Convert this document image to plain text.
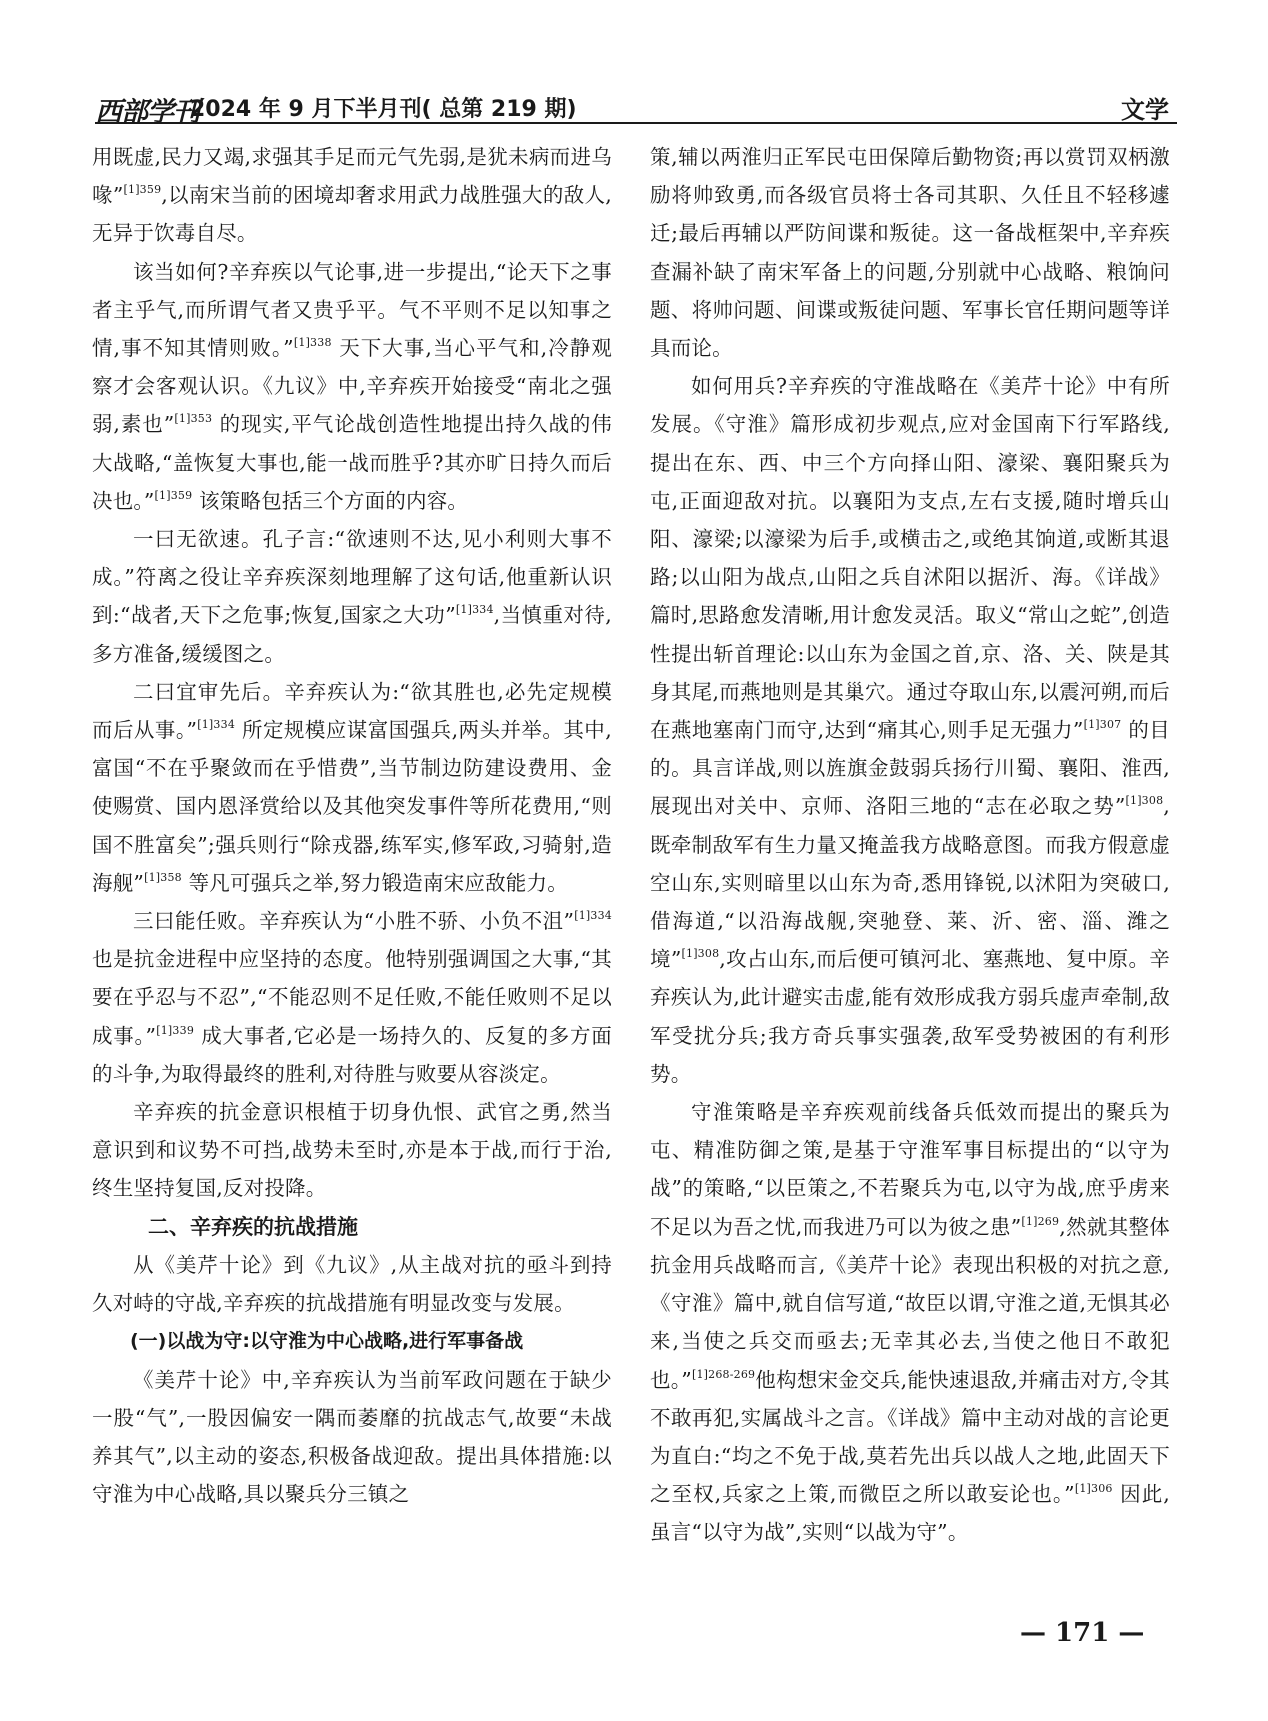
西部学刊
2024 年 9 月下半月刊( 总第 219 期)	文学

用既虚,民力又竭,求强其手足而元气先弱,是犹未病而进乌喙”$^{[1]359}$,以南宋当前的困境却奢求用武力战胜强大的敌人,无异于饮毒自尽。

该当如何?辛弃疾以气论事,进一步提出,“论天下之事者主乎气,而所谓气者又贵乎平。气不平则不足以知事之情,事不知其情则败。”$^{[1]338}$ 天下大事,当心平气和,冷静观察才会客观认识。《九议》中,辛弃疾开始接受“南北之强弱,素也”$^{[1]353}$ 的现实,平气论战创造性地提出持久战的伟大战略,“盖恢复大事也,能一战而胜乎?其亦旷日持久而后决也。”$^{[1]359}$ 该策略包括三个方面的内容。

一曰无欲速。孔子言:“欲速则不达,见小利则大事不成。”符离之役让辛弃疾深刻地理解了这句话,他重新认识到:“战者,天下之危事;恢复,国家之大功”$^{[1]334}$,当慎重对待,多方准备,缓缓图之。

二曰宜审先后。辛弃疾认为:“欲其胜也,必先定规模而后从事。”$^{[1]334}$ 所定规模应谋富国强兵,两头并举。其中,富国“不在乎聚敛而在乎惜费”,当节制边防建设费用、金使赐赏、国内恩泽赏给以及其他突发事件等所花费用,“则国不胜富矣”;强兵则行“除戎器,练军实,修军政,习骑射,造海舰”$^{[1]358}$ 等凡可强兵之举,努力锻造南宋应敌能力。

三曰能任败。辛弃疾认为“小胜不骄、小负不沮”$^{[1]334}$ 也是抗金进程中应坚持的态度。他特别强调国之大事,“其要在乎忍与不忍”,“不能忍则不足任败,不能任败则不足以成事。”$^{[1]339}$ 成大事者,它必是一场持久的、反复的多方面的斗争,为取得最终的胜利,对待胜与败要从容淡定。

辛弃疾的抗金意识根植于切身仇恨、武官之勇,然当意识到和议势不可挡,战势未至时,亦是本于战,而行于治,终生坚持复国,反对投降。

二、辛弃疾的抗战措施

从《美芹十论》到《九议》,从主战对抗的亟斗到持久对峙的守战,辛弃疾的抗战措施有明显改变与发展。

(一)以战为守:以守淮为中心战略,进行军事备战

《美芹十论》中,辛弃疾认为当前军政问题在于缺少一股“气”,一股因偏安一隅而萎靡的抗战志气,故要“未战养其气”,以主动的姿态,积极备战迎敌。提出具体措施:以守淮为中心战略,具以聚兵分三镇之

策,辅以两淮归正军民屯田保障后勤物资;再以赏罚双柄激励将帅致勇,而各级官员将士各司其职、久任且不轻移遽迁;最后再辅以严防间谍和叛徒。这一备战框架中,辛弃疾查漏补缺了南宋军备上的问题,分别就中心战略、粮饷问题、将帅问题、间谍或叛徒问题、军事长官任期问题等详具而论。

如何用兵?辛弃疾的守淮战略在《美芹十论》中有所发展。《守淮》篇形成初步观点,应对金国南下行军路线,提出在东、西、中三个方向择山阳、濠梁、襄阳聚兵为屯,正面迎敌对抗。以襄阳为支点,左右支援,随时增兵山阳、濠梁;以濠梁为后手,或横击之,或绝其饷道,或断其退路;以山阳为战点,山阳之兵自沭阳以据沂、海。《详战》篇时,思路愈发清晰,用计愈发灵活。取义“常山之蛇”,创造性提出斩首理论:以山东为金国之首,京、洛、关、陕是其身其尾,而燕地则是其巢穴。通过夺取山东,以震河朔,而后在燕地塞南门而守,达到“痛其心,则手足无强力”$^{[1]307}$ 的目的。具言详战,则以旌旗金鼓弱兵扬行川蜀、襄阳、淮西,展现出对关中、京师、洛阳三地的“志在必取之势”$^{[1]308}$,既牵制敌军有生力量又掩盖我方战略意图。而我方假意虚空山东,实则暗里以山东为奇,悉用锋锐,以沭阳为突破口,借海道,“以沿海战舰,突驰登、莱、沂、密、淄、潍之境”$^{[1]308}$,攻占山东,而后便可镇河北、塞燕地、复中原。辛弃疾认为,此计避实击虚,能有效形成我方弱兵虚声牵制,敌军受扰分兵;我方奇兵事实强袭,敌军受势被困的有利形势。

守淮策略是辛弃疾观前线备兵低效而提出的聚兵为屯、精准防御之策,是基于守淮军事目标提出的“以守为战”的策略,“以臣策之,不若聚兵为屯,以守为战,庶乎虏来不足以为吾之忧,而我进乃可以为彼之患”$^{[1]269}$,然就其整体抗金用兵战略而言,《美芹十论》表现出积极的对抗之意,《守淮》篇中,就自信写道,“故臣以谓,守淮之道,无惧其必来,当使之兵交而亟去;无幸其必去,当使之他日不敢犯也。”$^{[1]268-269}$他构想宋金交兵,能快速退敌,并痛击对方,令其不敢再犯,实属战斗之言。《详战》篇中主动对战的言论更为直白:“均之不免于战,莫若先出兵以战人之地,此固天下之至权,兵家之上策,而微臣之所以敢妄论也。”$^{[1]306}$ 因此,虽言“以守为战”,实则“以战为守”。

— 171 —
